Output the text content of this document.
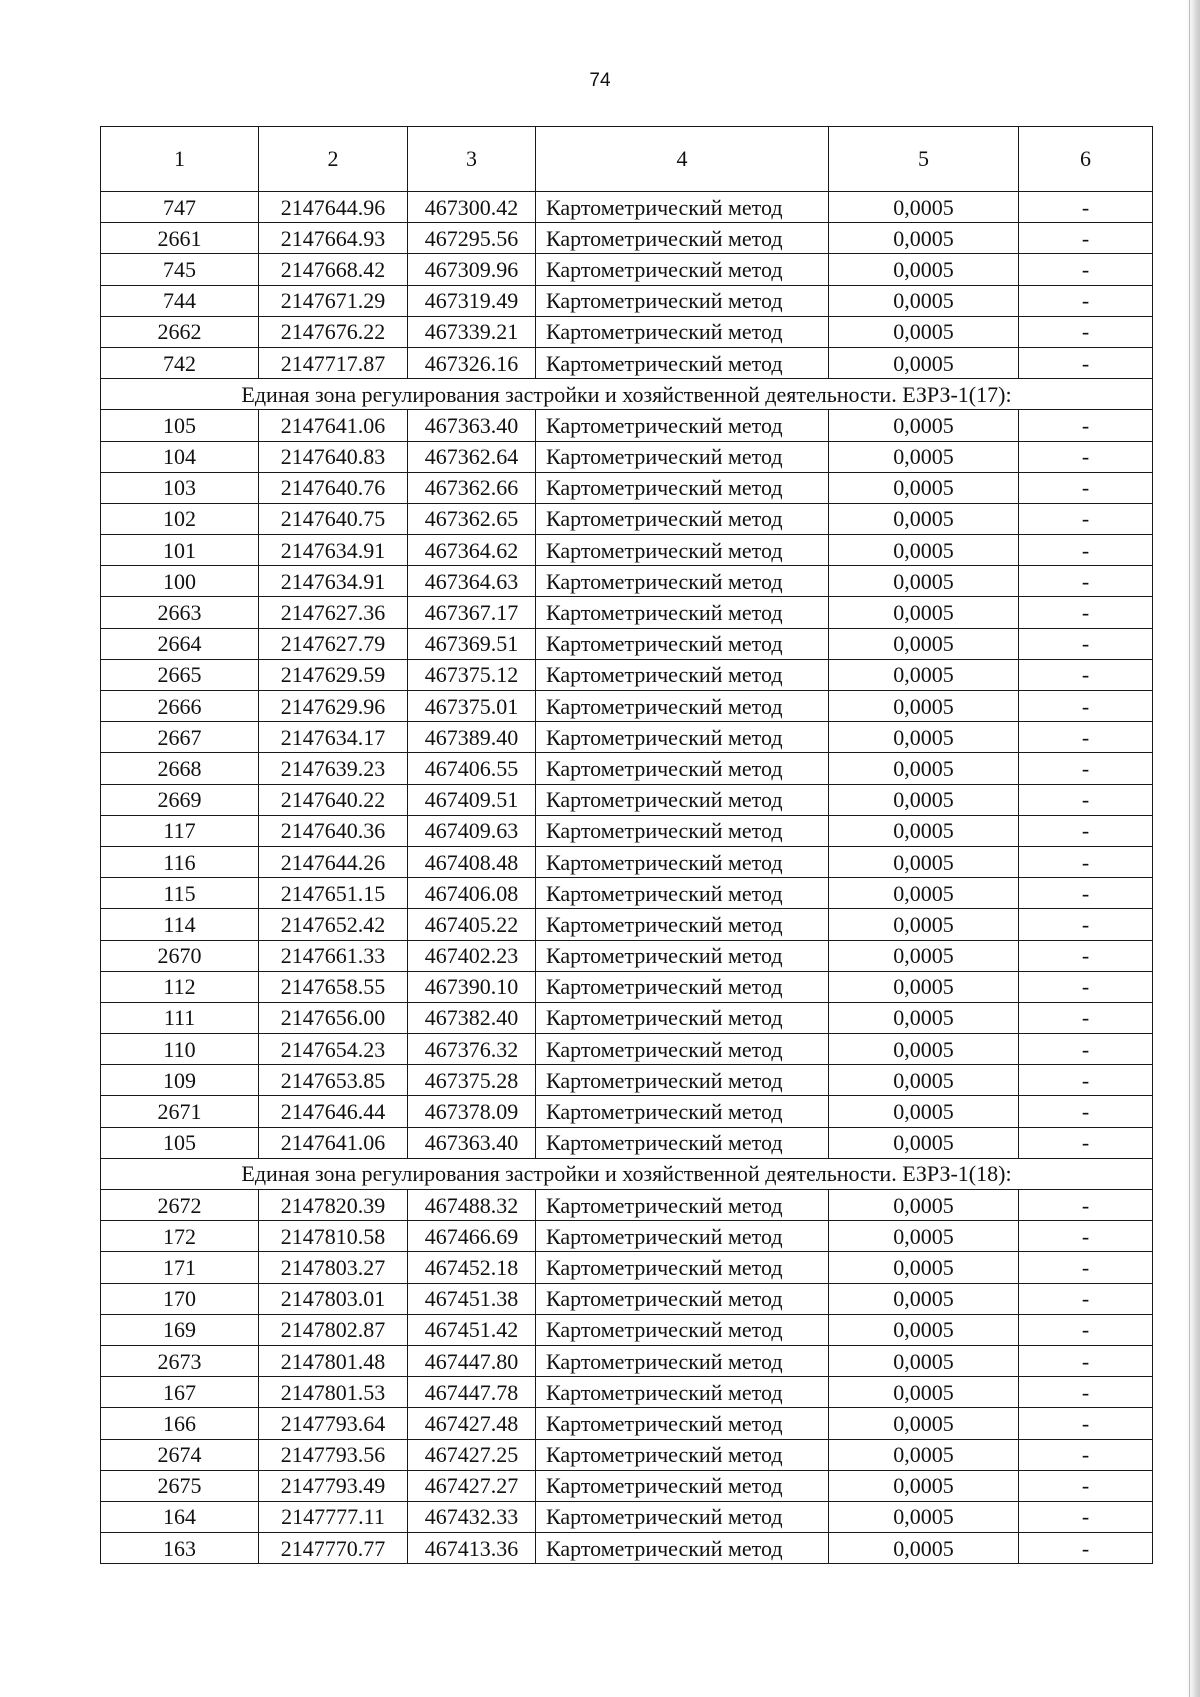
74
1	2	3	4	5	6
747	2147644.96	467300.42	Картометрический метод	0,0005	-
2661	2147664.93	467295.56	Картометрический метод	0,0005	-
745	2147668.42	467309.96	Картометрический метод	0,0005	-
744	2147671.29	467319.49	Картометрический метод	0,0005	-
2662	2147676.22	467339.21	Картометрический метод	0,0005	-
742	2147717.87	467326.16	Картометрический метод	0,0005	-
Единая зона регулирования застройки и хозяйственной деятельности. ЕЗРЗ-1(17):					
105	2147641.06	467363.40	Картометрический метод	0,0005	-
104	2147640.83	467362.64	Картометрический метод	0,0005	-
103	2147640.76	467362.66	Картометрический метод	0,0005	-
102	2147640.75	467362.65	Картометрический метод	0,0005	-
101	2147634.91	467364.62	Картометрический метод	0,0005	-
100	2147634.91	467364.63	Картометрический метод	0,0005	-
2663	2147627.36	467367.17	Картометрический метод	0,0005	-
2664	2147627.79	467369.51	Картометрический метод	0,0005	-
2665	2147629.59	467375.12	Картометрический метод	0,0005	-
2666	2147629.96	467375.01	Картометрический метод	0,0005	-
2667	2147634.17	467389.40	Картометрический метод	0,0005	-
2668	2147639.23	467406.55	Картометрический метод	0,0005	-
2669	2147640.22	467409.51	Картометрический метод	0,0005	-
117	2147640.36	467409.63	Картометрический метод	0,0005	-
116	2147644.26	467408.48	Картометрический метод	0,0005	-
115	2147651.15	467406.08	Картометрический метод	0,0005	-
114	2147652.42	467405.22	Картометрический метод	0,0005	-
2670	2147661.33	467402.23	Картометрический метод	0,0005	-
112	2147658.55	467390.10	Картометрический метод	0,0005	-
111	2147656.00	467382.40	Картометрический метод	0,0005	-
110	2147654.23	467376.32	Картометрический метод	0,0005	-
109	2147653.85	467375.28	Картометрический метод	0,0005	-
2671	2147646.44	467378.09	Картометрический метод	0,0005	-
105	2147641.06	467363.40	Картометрический метод	0,0005	-
Единая зона регулирования застройки и хозяйственной деятельности. ЕЗРЗ-1(18):					
2672	2147820.39	467488.32	Картометрический метод	0,0005	-
172	2147810.58	467466.69	Картометрический метод	0,0005	-
171	2147803.27	467452.18	Картометрический метод	0,0005	-
170	2147803.01	467451.38	Картометрический метод	0,0005	-
169	2147802.87	467451.42	Картометрический метод	0,0005	-
2673	2147801.48	467447.80	Картометрический метод	0,0005	-
167	2147801.53	467447.78	Картометрический метод	0,0005	-
166	2147793.64	467427.48	Картометрический метод	0,0005	-
2674	2147793.56	467427.25	Картометрический метод	0,0005	-
2675	2147793.49	467427.27	Картометрический метод	0,0005	-
164	2147777.11	467432.33	Картометрический метод	0,0005	-
163	2147770.77	467413.36	Картометрический метод	0,0005	-
